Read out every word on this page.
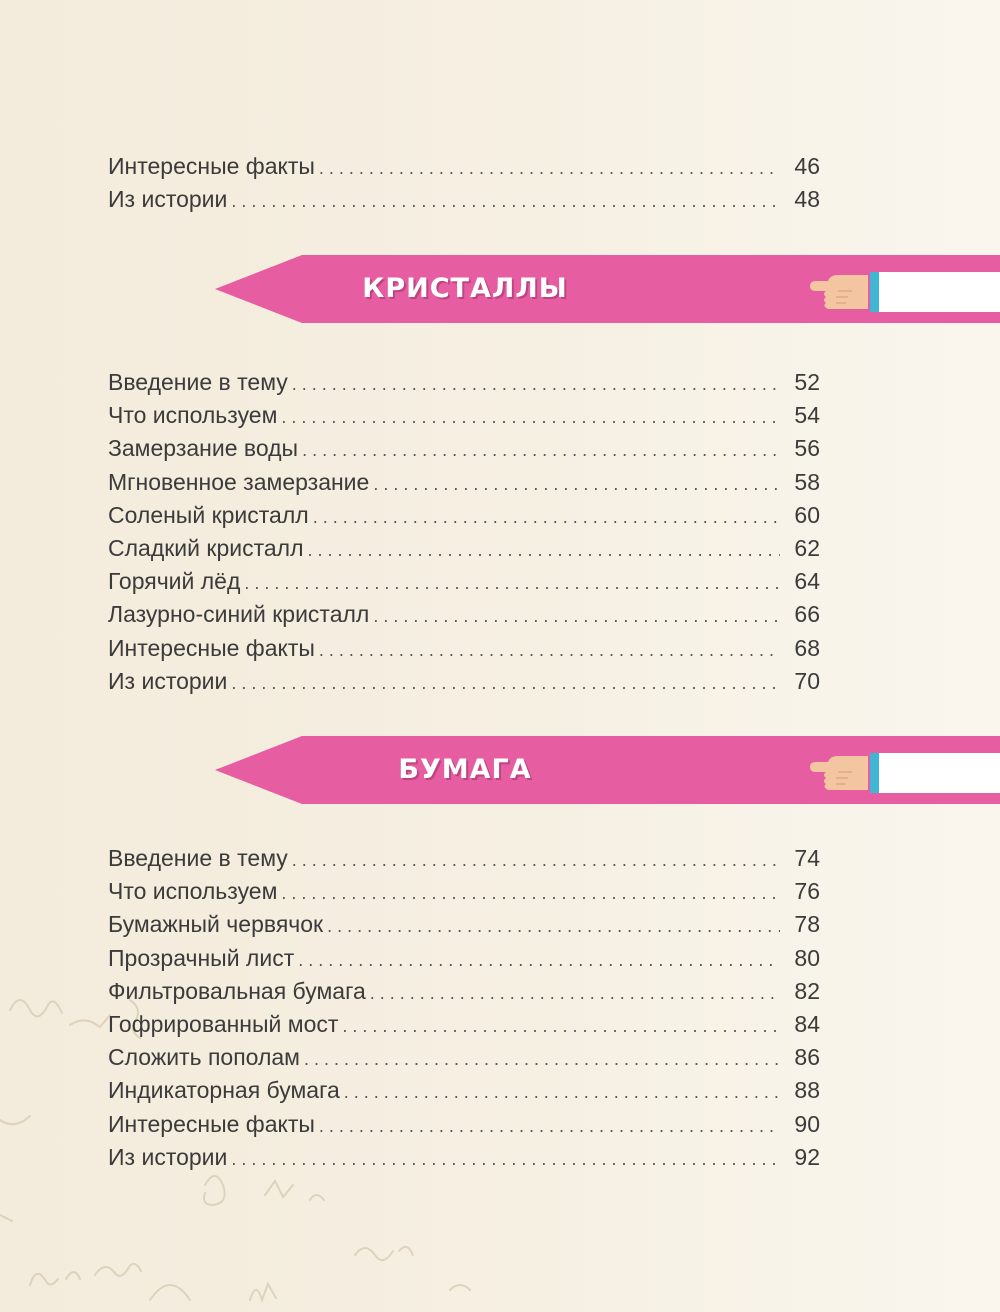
Интересные факты . . .	46
Из истории . . .	48
КРИСТАЛЛЫ
Введение в тему . . .	52
Что используем . . .	54
Замерзание воды . . .	56
Мгновенное замерзание . . .	58
Соленый кристалл . . .	60
Сладкий кристалл . . .	62
Горячий лёд . . .	64
Лазурно-синий кристалл . . .	66
Интересные факты . . .	68
Из истории . . .	70
БУМАГА
Введение в тему . . .	74
Что используем . . .	76
Бумажный червячок . . .	78
Прозрачный лист . . .	80
Фильтровальная бумага . . .	82
Гофрированный мост . . .	84
Сложить пополам . . .	86
Индикаторная бумага . . .	88
Интересные факты . . .	90
Из истории . . .	92
